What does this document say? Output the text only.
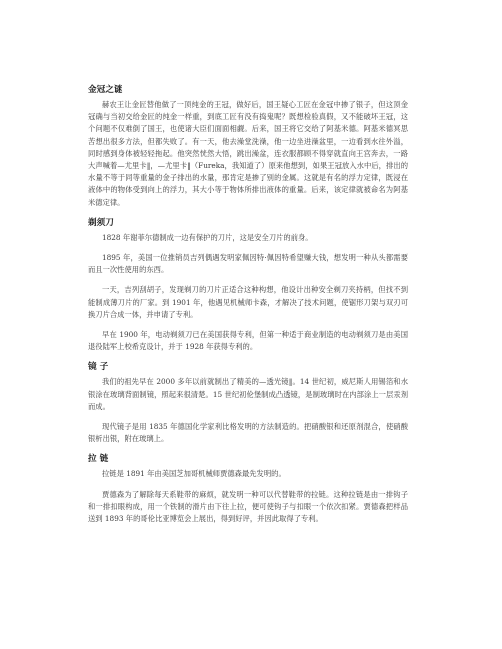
金冠之谜

赫农王让金匠替他做了一顶纯金的王冠，做好后，国王疑心工匠在金冠中掺了银子，但这顶金冠确与当初交给金匠的纯金一样重，到底工匠有没有捣鬼呢？既想检验真假，又不能破坏王冠，这个问题不仅难倒了国王，也使诸大臣们面面相觑。后来，国王将它交给了阿基米德。阿基米德冥思苦想出很多方法，但都失败了。有一天，他去澡堂洗澡，他一边坐进澡盆里，一边看到水往外溢，同时感到身体被轻轻拖起。他突然恍然大悟，跳出澡盆，连衣服都顾不得穿就直向王宫奔去，一路大声喊着—尤里卡‖，—尤里卡‖（Fureka，我知道了）原来他想到，如果王冠放入水中后，排出的水量不等于同等重量的金子排出的水量，那肯定是掺了别的金属。这就是有名的浮力定律，既浸在液体中的物体受到向上的浮力，其大小等于物体所排出液体的重量。后来，该定律就被命名为阿基米德定律。

剃须刀

1828 年谢菲尔德制成一边有保护的刀片，这是安全刀片的前身。

1895 年，美国一位推销员吉列偶遇发明家佩因特·佩因特希望赚大钱，想发明一种从头都需要而且一次性使用的东西。

一天，吉列刮胡子，发现剃刀的刀片正适合这种构想，他设计出种安全剃刀夹持柄，但找不到能制成薄刀片的厂家。到 1901 年，他遇见机械师卡森，才解决了技术问题，使锯形刀架与双刃可换刀片合成一体，并申请了专利。

早在 1900 年，电动剃须刀已在美国获得专利，但第一种适于商业制造的电动剃须刀是由美国退役陆军上校希克设计，并于 1928 年获得专利的。

镜 子

我们的祖先早在 2000 多年以前就制出了精美的—透光镜‖。14 世纪初，威尼斯人用锡箔和水银涂在玻璃背面制镜，照起来很清楚。15 世纪初伦堡制成凸透镜，是制玻璃时在内部涂上一层汞剂而成。

现代镜子是用 1835 年德国化学家利比格发明的方法制造的。把硝酸银和还原剂混合，使硝酸银析出银，附在玻璃上。

拉 链

拉链是 1891 年由美国芝加哥机械师贾德森最先发明的。

贾德森为了解除每天系鞋带的麻烦，就发明一种可以代替鞋带的拉链。这种拉链是由一排钩子和一排扣眼构成，用一个铁制的滑片由下往上拉，便可使钩子与扣眼一个依次扣紧。贾德森把样品送到 1893 年的哥伦比亚博览会上展出，得到好评，并因此取得了专利。
